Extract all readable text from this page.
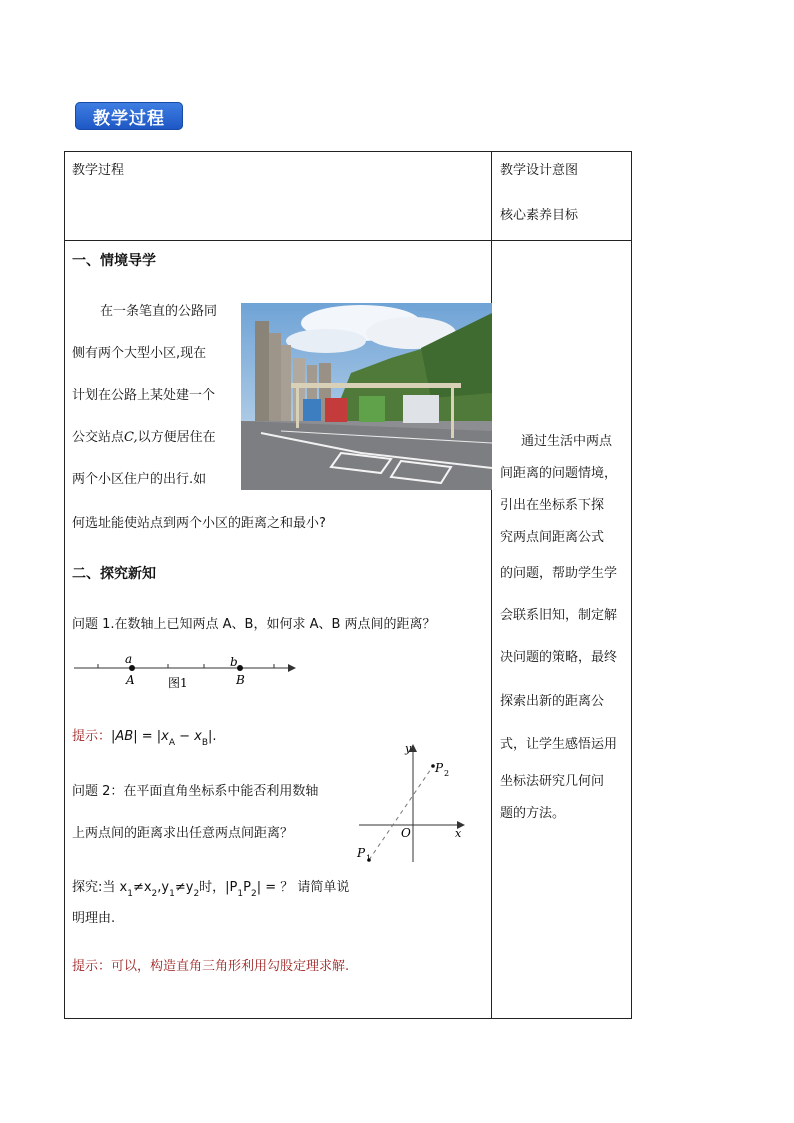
教学过程
教学过程	教学设计意图
核心素养目标
一、情境导学
在一条笔直的公路同
侧有两个大型小区,现在
计划在公路上某处建一个
公交站点C,以方便居住在
两个小区住户的出行.如
何选址能使站点到两个小区的距离之和最小?
二、探究新知
问题 1.在数轴上已知两点 A、B，如何求 A、B 两点间的距离？
a
A
b
B
图1
提示：$|AB| = |x_A - x_B|$.
问题 2：在平面直角坐标系中能否利用数轴
上两点间的距离求出任意两点间距离？
y
x
O
P 2
P 1
探究:当 $x_1\ne x_2,y_1\ne y_2$时，$|P_1P_2|$ = ？ 请简单说
明理由.
提示：可以，构造直角三角形利用勾股定理求解.
通过生活中两点
间距离的问题情境，
引出在坐标系下探
究两点间距离公式
的问题，帮助学生学
会联系旧知，制定解
决问题的策略，最终
探索出新的距离公
式，让学生感悟运用
坐标法研究几何问
题的方法。
